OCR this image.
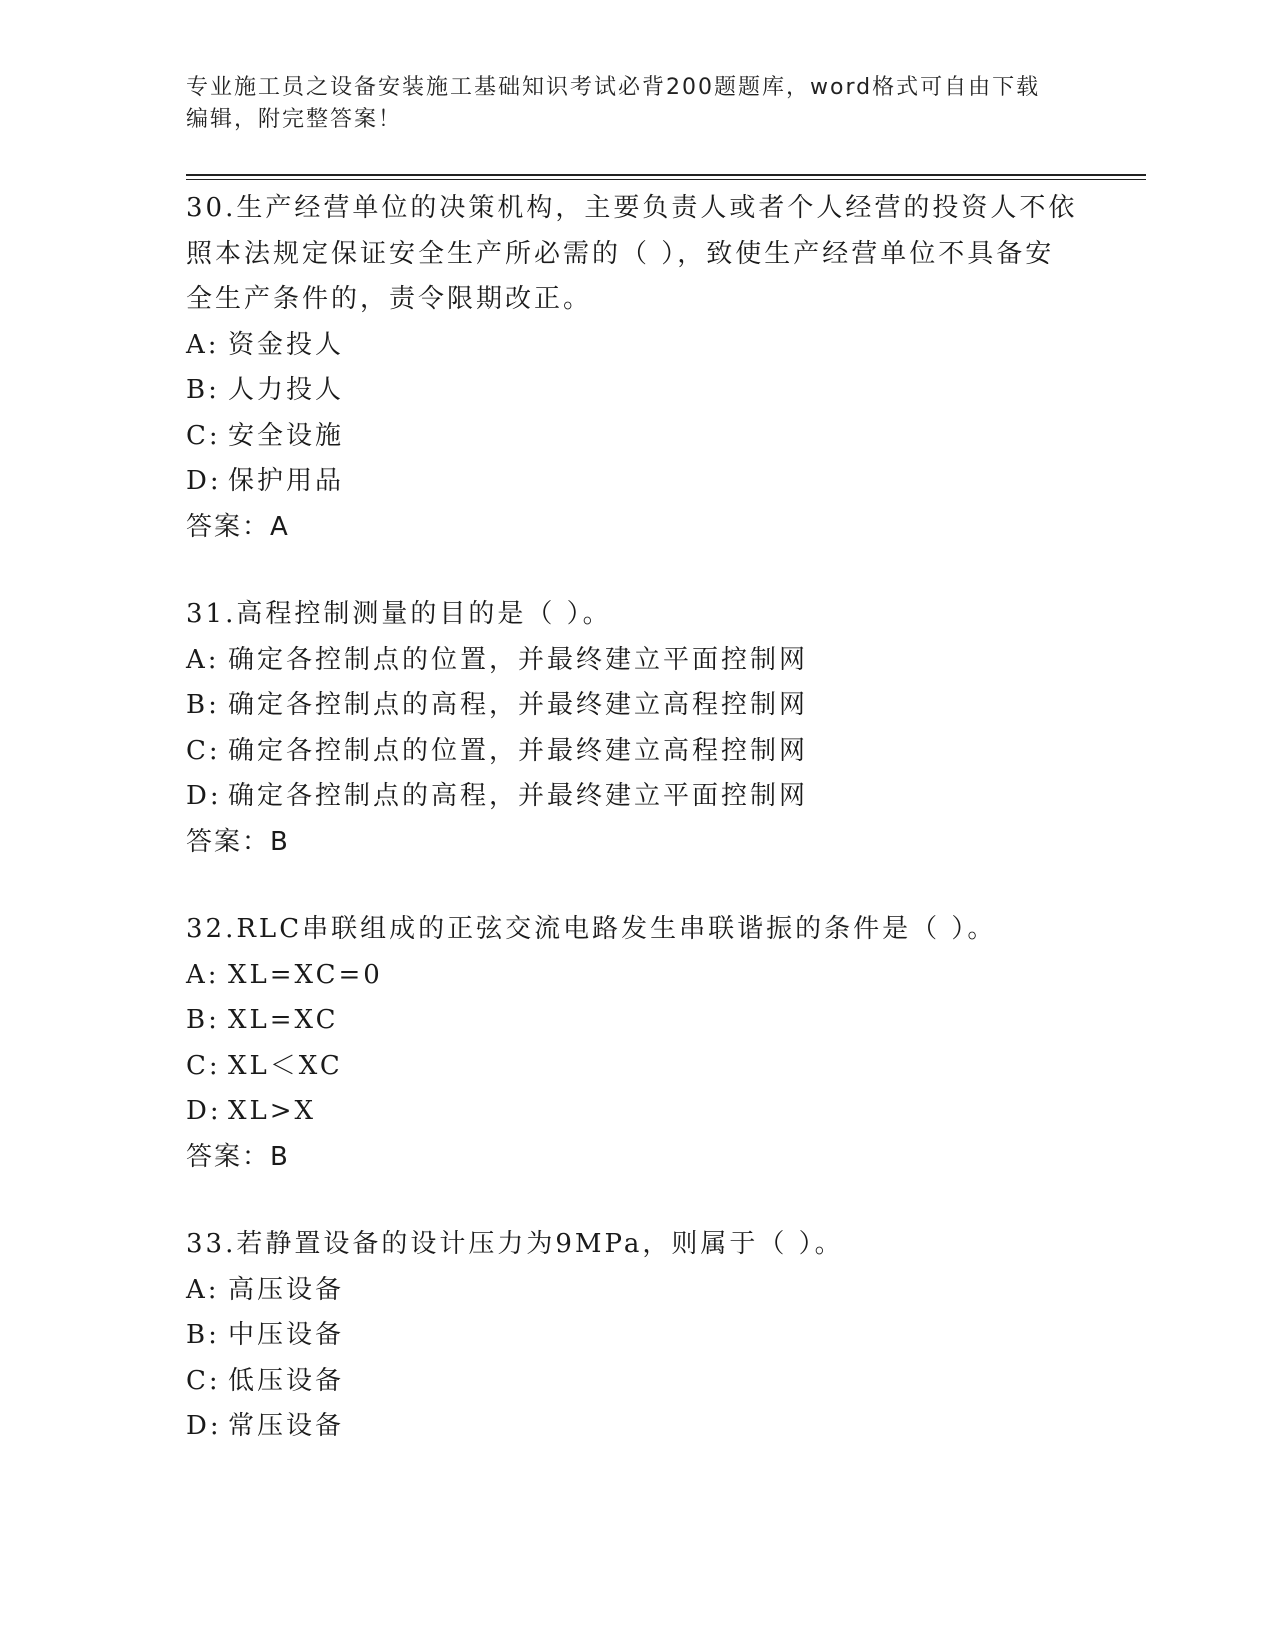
专业施工员之设备安装施工基础知识考试必背200题题库，word格式可自由下载
编辑，附完整答案！

30.生产经营单位的决策机构，主要负责人或者个人经营的投资人不依

照本法规定保证安全生产所必需的（ ），致使生产经营单位不具备安

全生产条件的，责令限期改正。

A: 资金投人

B: 人力投人

C: 安全设施

D: 保护用品

答案：A

31.高程控制测量的目的是（ ）。

A: 确定各控制点的位置，并最终建立平面控制网

B: 确定各控制点的高程，并最终建立高程控制网

C: 确定各控制点的位置，并最终建立高程控制网

D: 确定各控制点的高程，并最终建立平面控制网

答案：B

32.RLC串联组成的正弦交流电路发生串联谐振的条件是（ ）。

A: XL=XC=0

B: XL=XC

C: XL＜XC

D: XL>X

答案：B

33.若静置设备的设计压力为9MPa，则属于（ ）。

A: 高压设备

B: 中压设备

C: 低压设备

D: 常压设备
